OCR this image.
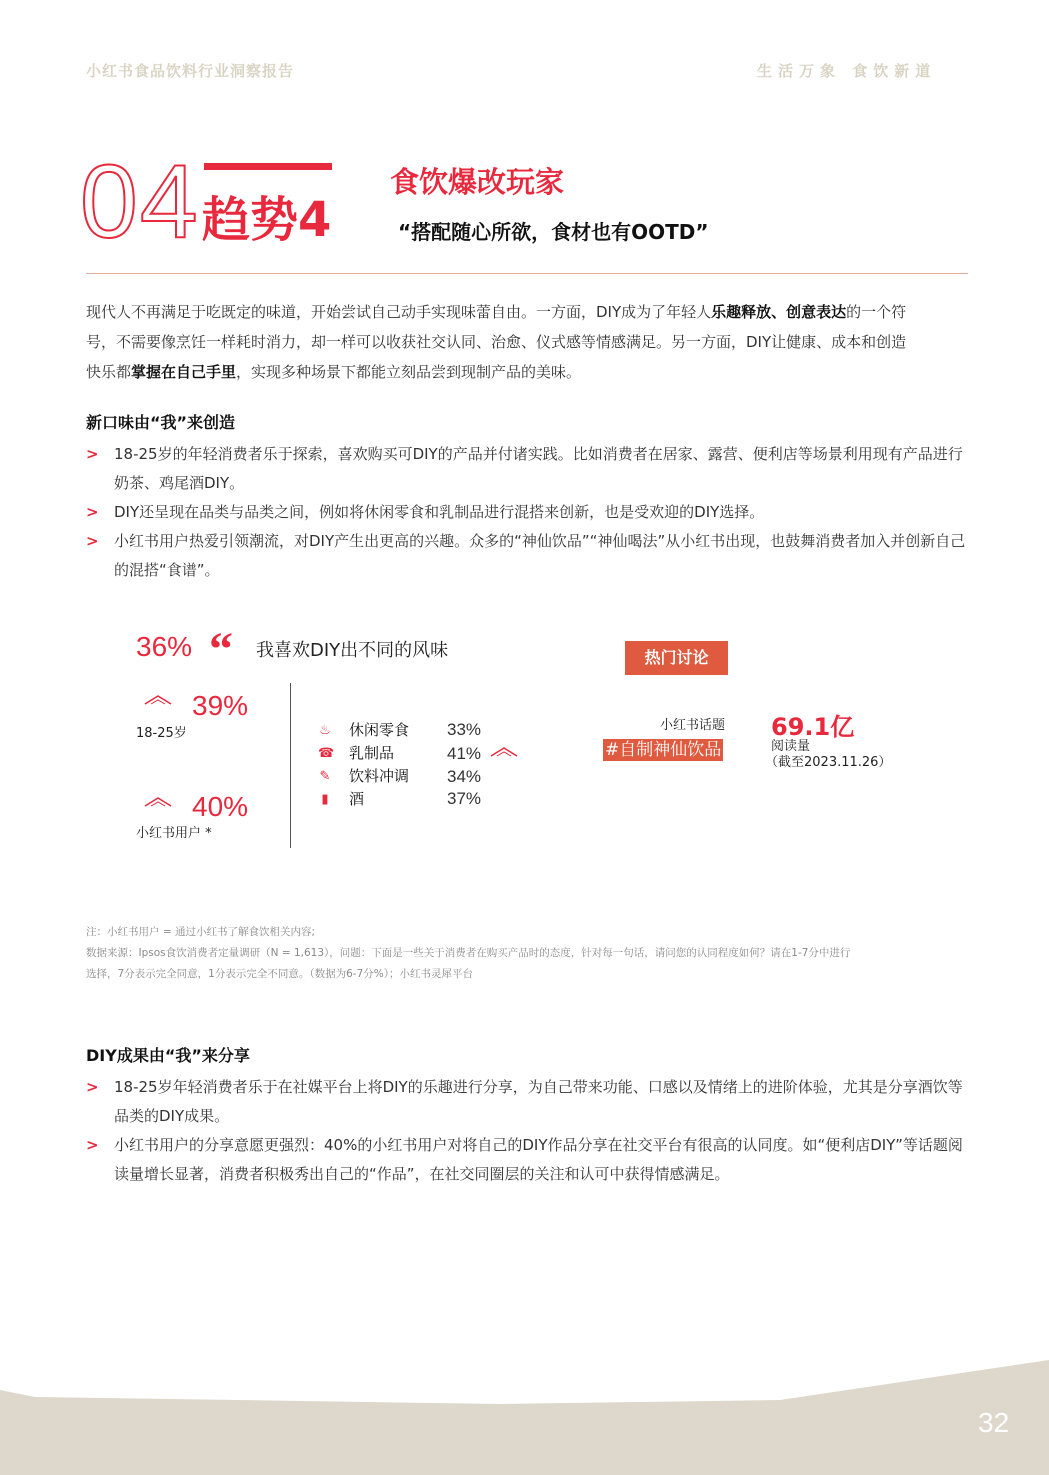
小红书食品饮料行业洞察报告	生活万象 食饮新道
04 趋势4
食饮爆改玩家
“搭配随心所欲，食材也有OOTD”
现代人不再满足于吃既定的味道，开始尝试自己动手实现味蕾自由。一方面，DIY成为了年轻人乐趣释放、创意表达的一个符
号，不需要像烹饪一样耗时消力，却一样可以收获社交认同、治愈、仪式感等情感满足。另一方面，DIY让健康、成本和创造
快乐都掌握在自己手里，实现多种场景下都能立刻品尝到现制产品的美味。
新口味由“我”来创造
> 18-25岁的年轻消费者乐于探索，喜欢购买可DIY的产品并付诸实践。比如消费者在居家、露营、便利店等场景利用现有产品进行奶茶、鸡尾酒DIY。
> DIY还呈现在品类与品类之间，例如将休闲零食和乳制品进行混搭来创新，也是受欢迎的DIY选择。
> 小红书用户热爱引领潮流，对DIY产生出更高的兴趣。众多的“神仙饮品”“神仙喝法”从小红书出现，也鼓舞消费者加入并创新自己的混搭“食谱”。
36% “ 我喜欢DIY出不同的风味
39%
18-25岁
40%
小红书用户 *
♨ 休闲零食 33%
☎ 乳制品	41%
✎ 饮料冲调 34%
▮ 酒	37%
热门讨论
小红书话题
#自制神仙饮品
69.1亿
阅读量
（截至2023.11.26）
注：小红书用户 = 通过小红书了解食饮相关内容;
数据来源：Ipsos食饮消费者定量调研（N = 1,613），问题：下面是一些关于消费者在购买产品时的态度，针对每一句话，请问您的认同程度如何？请在1-7分中进行
选择，7分表示完全同意，1分表示完全不同意。（数据为6-7分%）；小红书灵犀平台
DIY成果由“我”来分享
> 18-25岁年轻消费者乐于在社媒平台上将DIY的乐趣进行分享，为自己带来功能、口感以及情绪上的进阶体验，尤其是分享酒饮等品类的DIY成果。
> 小红书用户的分享意愿更强烈：40%的小红书用户对将自己的DIY作品分享在社交平台有很高的认同度。如“便利店DIY”等话题阅读量增长显著，消费者积极秀出自己的“作品”，在社交同圈层的关注和认可中获得情感满足。
32
